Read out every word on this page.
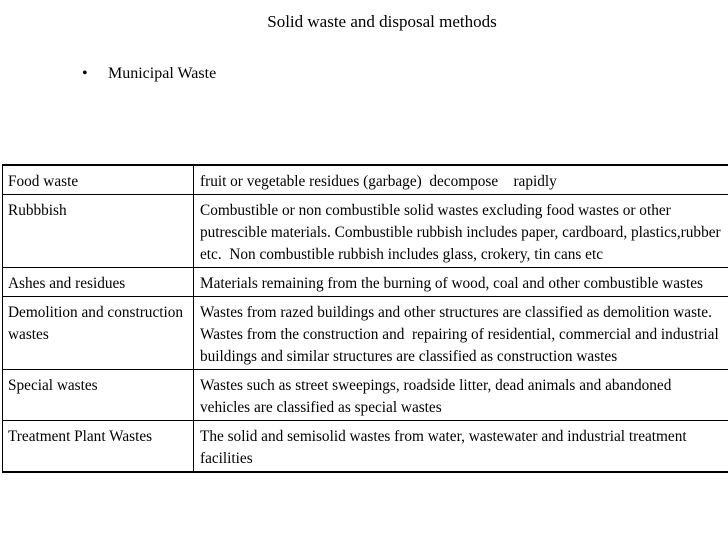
Solid waste and disposal methods
• Municipal Waste
Food waste	fruit or vegetable residues (garbage)  decompose    rapidly
Rubbbish	Combustible or non combustible solid wastes excluding food wastes or other putrescible materials. Combustible rubbish includes paper, cardboard, plastics,rubber etc.  Non combustible rubbish includes glass, crokery, tin cans etc
Ashes and residues	Materials remaining from the burning of wood, coal and other combustible wastes
Demolition and construction wastes	Wastes from razed buildings and other structures are classified as demolition waste. Wastes from the construction and  repairing of residential, commercial and industrial buildings and similar structures are classified as construction wastes
Special wastes	Wastes such as street sweepings, roadside litter, dead animals and abandoned vehicles are classified as special wastes
Treatment Plant Wastes	The solid and semisolid wastes from water, wastewater and industrial treatment facilities
